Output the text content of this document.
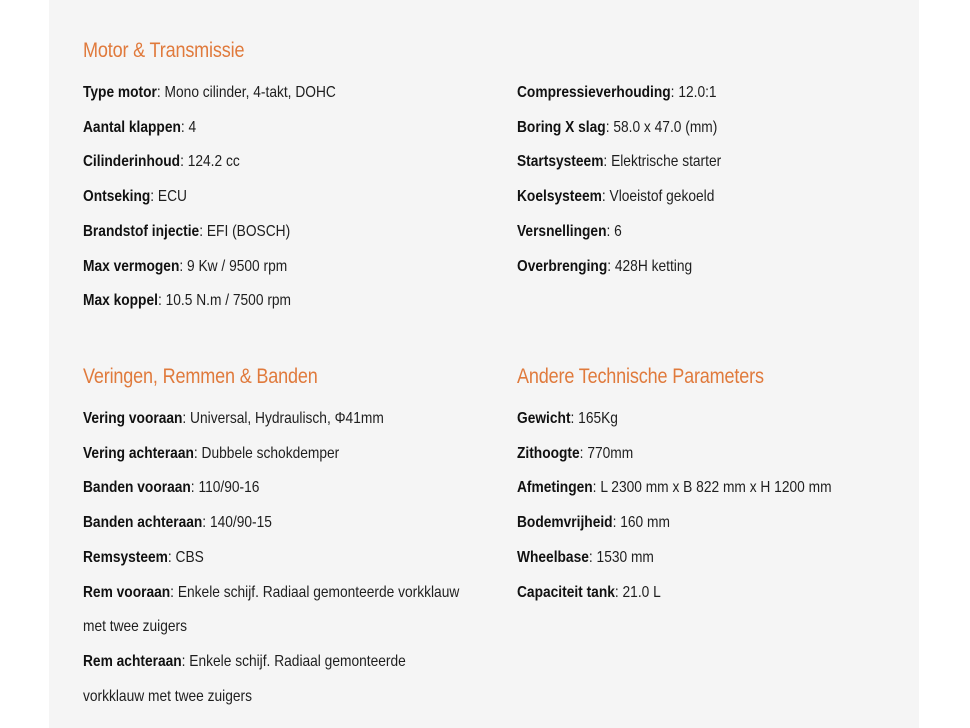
Motor & Transmissie
Type motor: Mono cilinder, 4-takt, DOHC
Aantal klappen: 4
Cilinderinhoud: 124.2 cc
Ontseking: ECU
Brandstof injectie: EFI (BOSCH)
Max vermogen: 9 Kw / 9500 rpm
Max koppel: 10.5 N.m / 7500 rpm
Compressieverhouding: 12.0:1
Boring X slag: 58.0 x 47.0 (mm)
Startsysteem: Elektrische starter
Koelsysteem: Vloeistof gekoeld
Versnellingen: 6
Overbrenging: 428H ketting
Veringen, Remmen & Banden
Vering vooraan: Universal, Hydraulisch, Φ41mm
Vering achteraan: Dubbele schokdemper
Banden vooraan: 110/90-16
Banden achteraan: 140/90-15
Remsysteem: CBS
Rem vooraan: Enkele schijf. Radiaal gemonteerde vorkklauw
met twee zuigers
Rem achteraan: Enkele schijf. Radiaal gemonteerde
vorkklauw met twee zuigers
Andere Technische Parameters
Gewicht: 165Kg
Zithoogte: 770mm
Afmetingen: L 2300 mm x B 822 mm x H 1200 mm
Bodemvrijheid: 160 mm
Wheelbase: 1530 mm
Capaciteit tank: 21.0 L
